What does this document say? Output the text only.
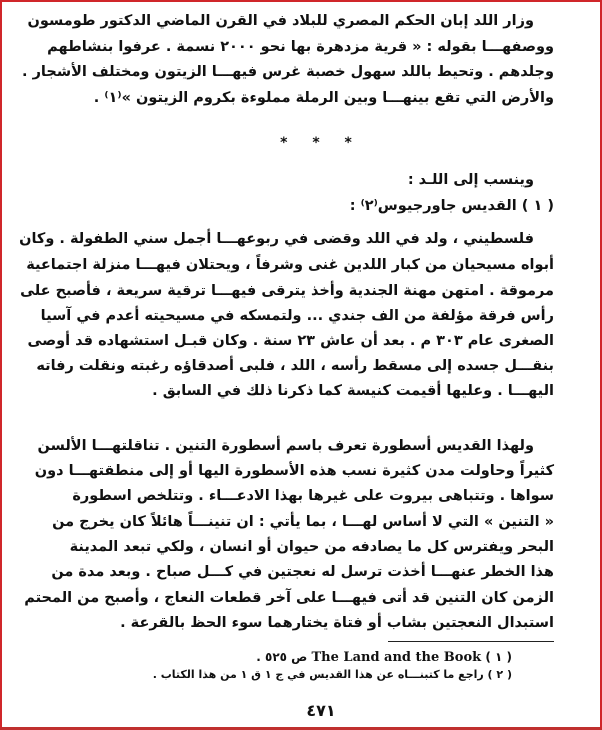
وزار اللد إبان الحكم المصري للبلاد في القرن الماضي الدكتور طومسون
ووصفهـــا بقوله : « قرية مزدهرة بها نحو ٢٠٠٠ نسمة . عرفوا بنشاطهم
وجلدهم . وتحيط باللد سهول خصبة غرس فيهـــا الزيتون ومختلف الأشجار .
والأرض التي تقع بينهـــا وبين الرملة مملوءة بكروم الزيتون »⁽١⁾ .
* * *
وينسب إلى اللـد :
( ١ ) القديس جاورجيوس⁽٢⁾ :
فلسطيني ، ولد في اللد وقضى في ربوعهـــا أجمل سني الطفولة . وكان
أبواه مسيحيان من كبار اللدين غنى وشرفاً ، ويحتلان فيهـــا منزلة اجتماعية
مرموقة . امتهن مهنة الجندية وأخذ يترقى فيهـــا ترقية سريعة ، فأصبح على
رأس فرقة مؤلفة من الف جندي ... ولتمسكه في مسيحيته أعدم في آسيا
الصغرى عام ٣٠٣ م . بعد أن عاش ٢٣ سنة . وكان قبـل استشهاده قد أوصى
بنقـــل جسده إلى مسقط رأسه ، اللد ، فلبى أصدقاؤه رغبته ونقلت رفاته
اليهـــا . وعليها أقيمت كنيسة كما ذكرنا ذلك في السابق .
ولهذا القديس أسطورة تعرف باسم أسطورة التنين . تناقلتهـــا الألسن
كثيراً وحاولت مدن كثيرة نسب هذه الأسطورة اليها أو إلى منطقتهـــا دون
سواها . وتتباهى بيروت على غيرها بهذا الادعـــاء . وتتلخص اسطورة
« التنين » التي لا أساس لهـــا ، بما يأتي : ان تنينـــاً هائلاً كان يخرج من
البحر ويفترس كل ما يصادفه من حيوان أو انسان ، ولكي تبعد المدينة
هذا الخطر عنهـــا أخذت ترسل له نعجتين في كـــل صباح . وبعد مدة من
الزمن كان التنين قد أتى فيهـــا على آخر قطعات النعاج ، وأصبح من المحتم
استبدال النعجتين بشاب أو فتاة يختارهما سوء الحظ بالقرعة .
( ١ ) The Land and the Book ص ٥٢٥ .
( ٢ ) راجع ما كتبنـــاه عن هذا القديس في ج ١ ق ١ من هذا الكتاب .
٤٧١
